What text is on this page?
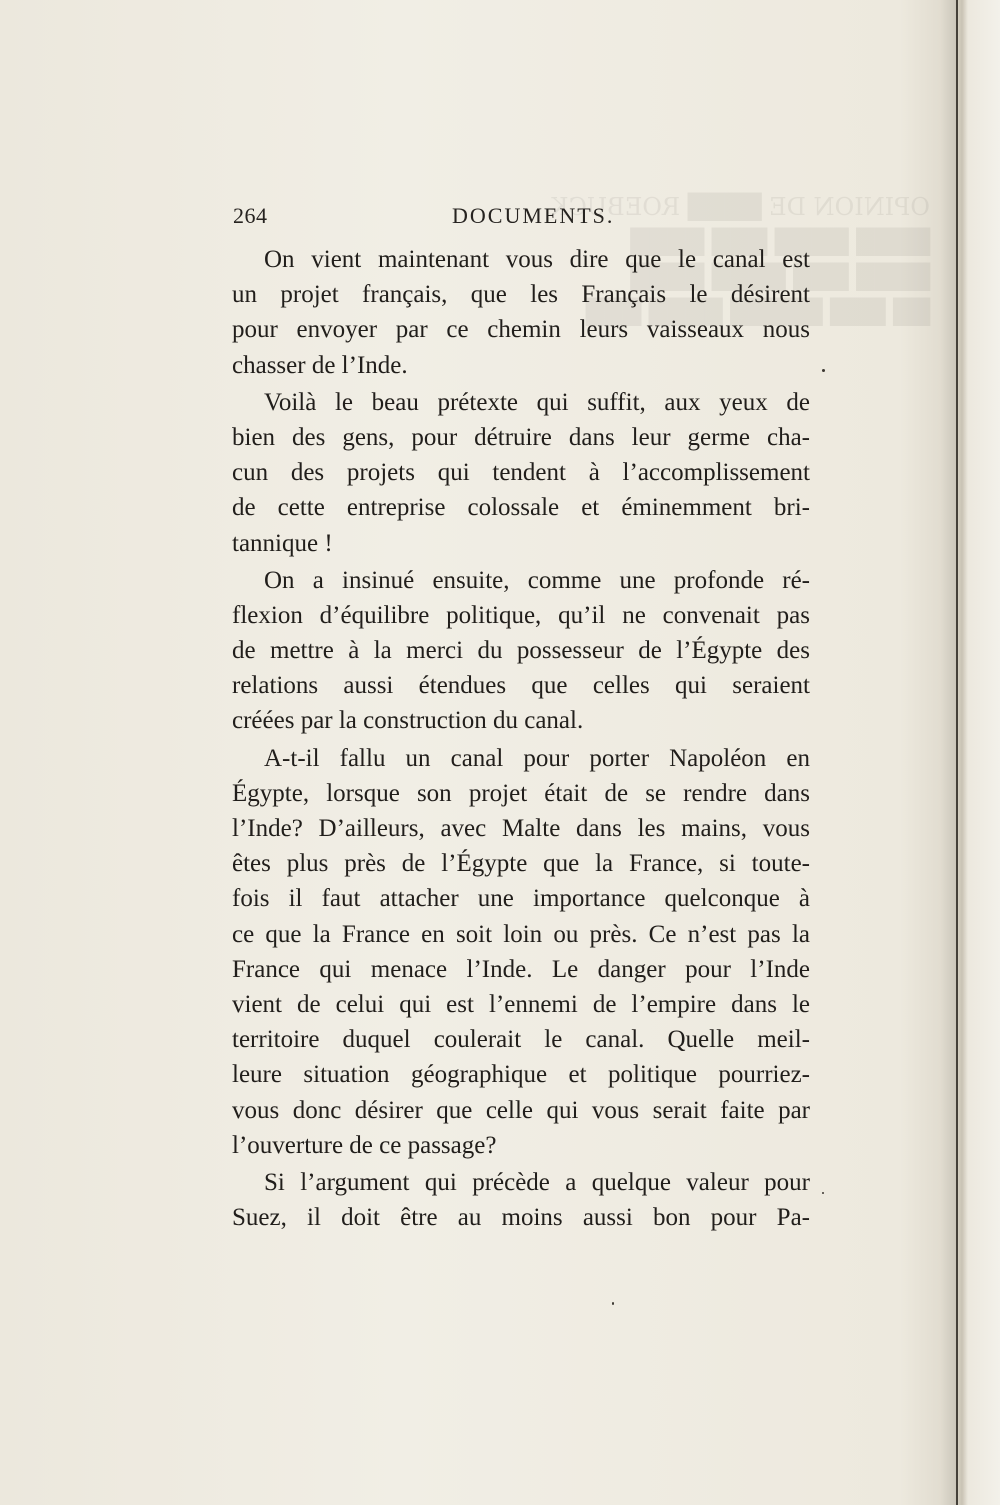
OPINION DE ████ ROEBUCK
████ ████ ███ ████
████ ███ ████ ████
██ ███ █████ ████ ███
264	DOCUMENTS.
On vient maintenant vous dire que le canal est
un projet français, que les Français le désirent
pour envoyer par ce chemin leurs vaisseaux nous
chasser de l’Inde.
Voilà le beau prétexte qui suffit, aux yeux de
bien des gens, pour détruire dans leur germe cha-
cun des projets qui tendent à l’accomplissement
de cette entreprise colossale et éminemment bri-
tannique !
On a insinué ensuite, comme une profonde ré-
flexion d’équilibre politique, qu’il ne convenait pas
de mettre à la merci du possesseur de l’Égypte des
relations aussi étendues que celles qui seraient
créées par la construction du canal.
A-t-il fallu un canal pour porter Napoléon en
Égypte, lorsque son projet était de se rendre dans
l’Inde? D’ailleurs, avec Malte dans les mains, vous
êtes plus près de l’Égypte que la France, si toute-
fois il faut attacher une importance quelconque à
ce que la France en soit loin ou près. Ce n’est pas la
France qui menace l’Inde. Le danger pour l’Inde
vient de celui qui est l’ennemi de l’empire dans le
territoire duquel coulerait le canal. Quelle meil-
leure situation géographique et politique pourriez-
vous donc désirer que celle qui vous serait faite par
l’ouverture de ce passage?
Si l’argument qui précède a quelque valeur pour
Suez, il doit être au moins aussi bon pour Pa-
